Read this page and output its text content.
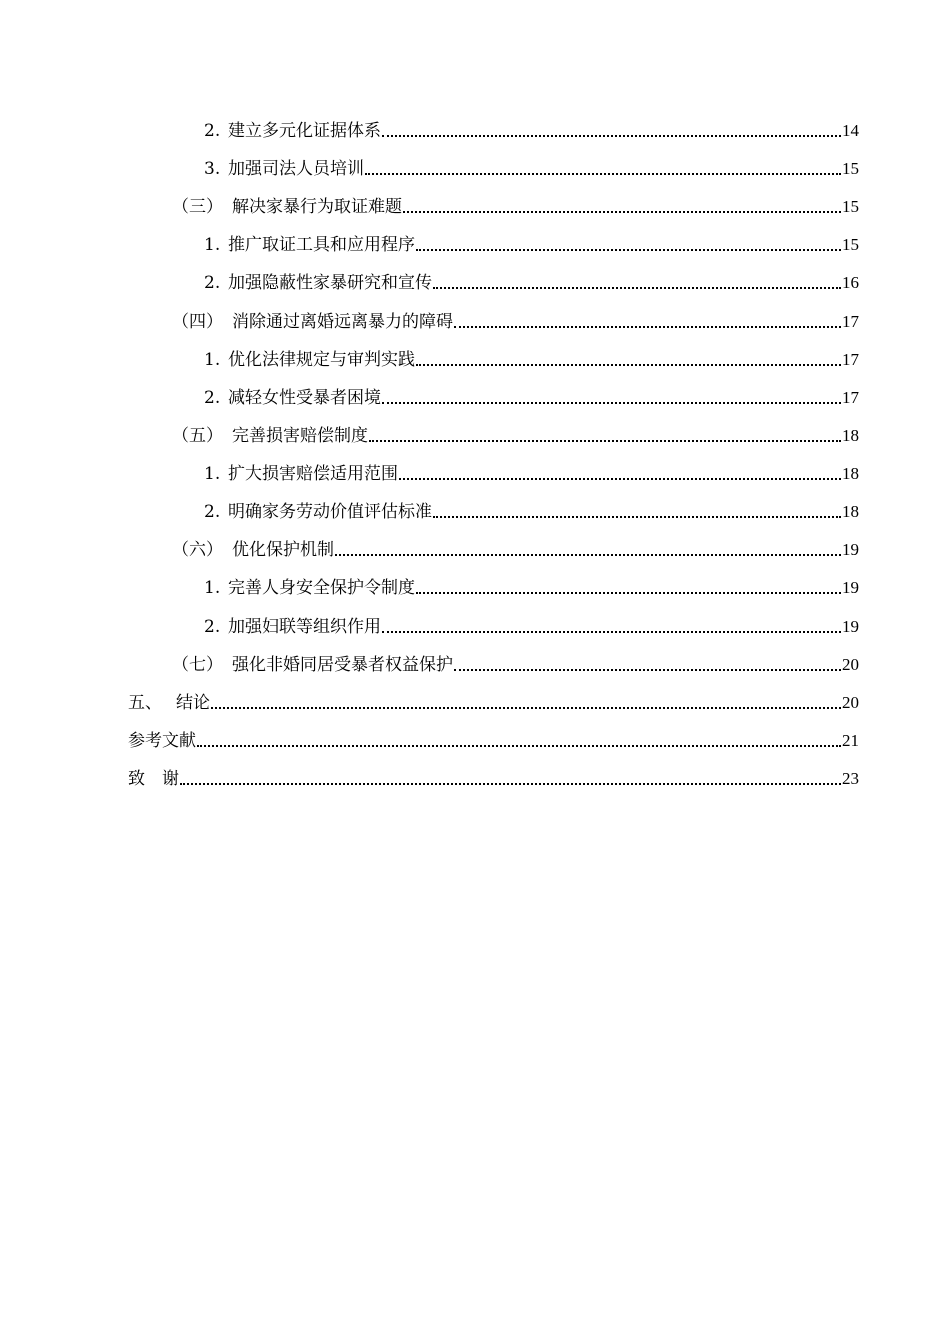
2. 建立多元化证据体系	14
3. 加强司法人员培训	15
（三） 解决家暴行为取证难题	15
1. 推广取证工具和应用程序	15
2. 加强隐蔽性家暴研究和宣传	16
（四） 消除通过离婚远离暴力的障碍	17
1. 优化法律规定与审判实践	17
2. 减轻女性受暴者困境	17
（五） 完善损害赔偿制度	18
1. 扩大损害赔偿适用范围	18
2. 明确家务劳动价值评估标准	18
（六） 优化保护机制	19
1. 完善人身安全保护令制度	19
2. 加强妇联等组织作用	19
（七） 强化非婚同居受暴者权益保护	20
五、 结论	20
参考文献	21
致　谢	23
